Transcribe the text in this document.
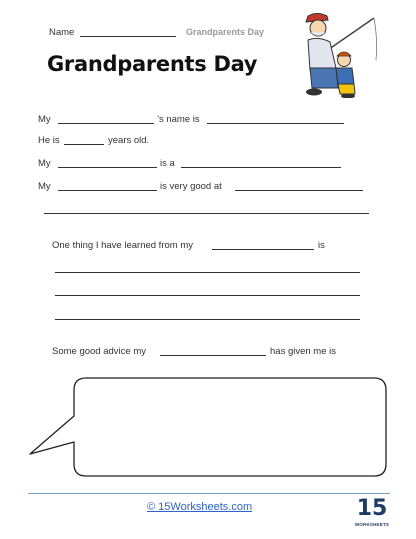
Name	Grandparents Day
Grandparents Day
My	’s name is
He is	years old.
My	is a
My	is very good at
One thing I have learned from my	is
Some good advice my	has given me is
© 15Worksheets.com	15
WORKSHEETS
